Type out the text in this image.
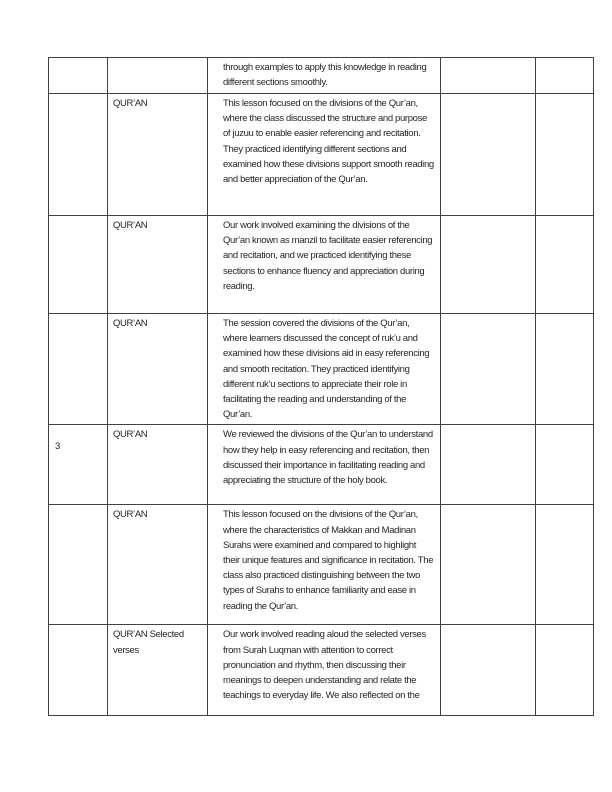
		through examples to apply this knowledge in reading different sections smoothly.		
	QUR’AN	This lesson focused on the divisions of the Qur’an, where the class discussed the structure and purpose of juzuu to enable easier referencing and recitation. They practiced identifying different sections and examined how these divisions support smooth reading and better appreciation of the Qur’an.		
	QUR’AN	Our work involved examining the divisions of the Qur’an known as manzil to facilitate easier referencing and recitation, and we practiced identifying these sections to enhance fluency and appreciation during reading.		
	QUR’AN	The session covered the divisions of the Qur’an, where learners discussed the concept of ruk’u and examined how these divisions aid in easy referencing and smooth recitation. They practiced identifying different ruk’u sections to appreciate their role in facilitating the reading and understanding of the Qur’an.		
3	QUR’AN	We reviewed the divisions of the Qur’an to understand how they help in easy referencing and recitation, then discussed their importance in facilitating reading and appreciating the structure of the holy book.		
	QUR’AN	This lesson focused on the divisions of the Qur’an, where the characteristics of Makkan and Madinan Surahs were examined and compared to highlight their unique features and significance in recitation. The class also practiced distinguishing between the two types of Surahs to enhance familiarity and ease in reading the Qur’an.		
	QUR’AN Selected verses	Our work involved reading aloud the selected verses from Surah Luqman with attention to correct pronunciation and rhythm, then discussing their meanings to deepen understanding and relate the teachings to everyday life. We also reflected on the		
